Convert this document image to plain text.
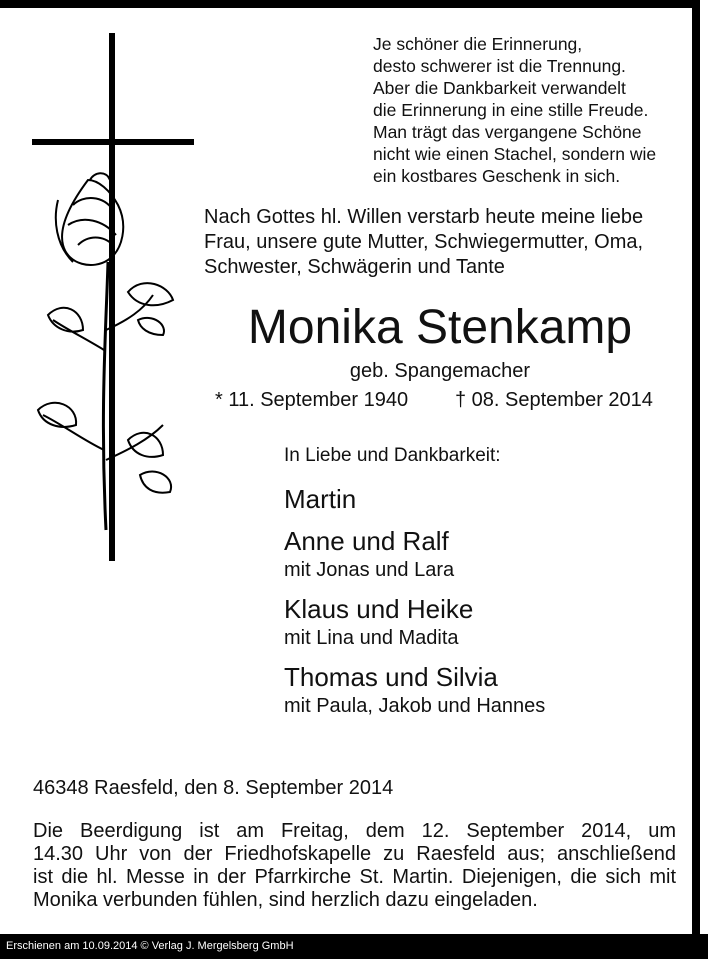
Je schöner die Erinnerung,
desto schwerer ist die Trennung.
Aber die Dankbarkeit verwandelt
die Erinnerung in eine stille Freude.
Man trägt das vergangene Schöne
nicht wie einen Stachel, sondern wie
ein kostbares Geschenk in sich.
Nach Gottes hl. Willen verstarb heute meine liebe
Frau, unsere gute Mutter, Schwiegermutter, Oma,
Schwester, Schwägerin und Tante
Monika Stenkamp
geb. Spangemacher
* 11. September 1940 † 08. September 2014
In Liebe und Dankbarkeit:
Martin
Anne und Ralf
mit Jonas und Lara
Klaus und Heike
mit Lina und Madita
Thomas und Silvia
mit Paula, Jakob und Hannes
46348 Raesfeld, den 8. September 2014
Die Beerdigung ist am Freitag, dem 12. September 2014, um
14.30 Uhr von der Friedhofskapelle zu Raesfeld aus; anschließend
ist die hl. Messe in der Pfarrkirche St. Martin. Diejenigen, die sich mit
Monika verbunden fühlen, sind herzlich dazu eingeladen.
Erschienen am 10.09.2014 © Verlag J. Mergelsberg GmbH
